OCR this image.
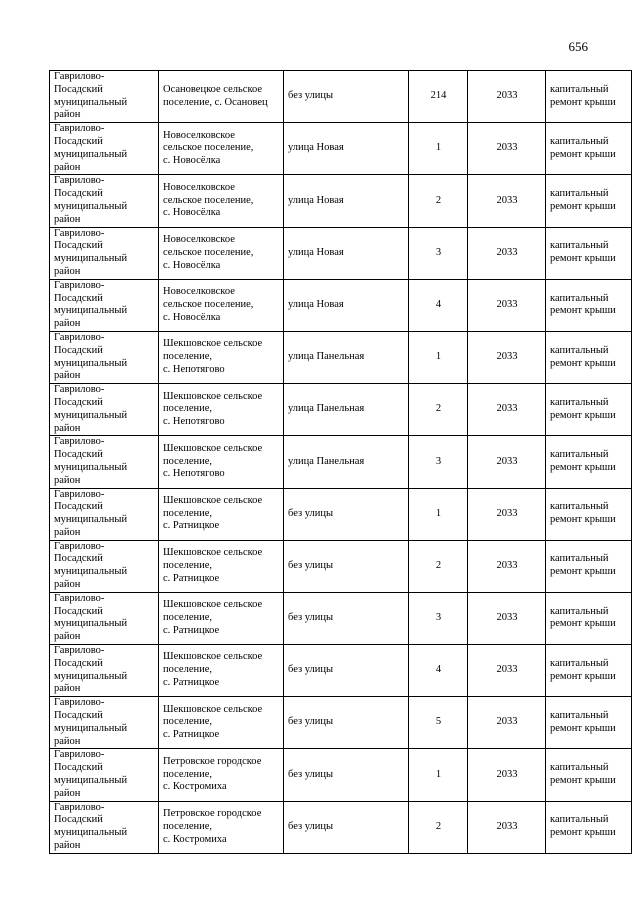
656
Гаврилово-
Посадский
муниципальный
район	Осановецкое сельское
поселение, с. Осановец	без улицы	214	2033	капитальный
ремонт крыши
Гаврилово-
Посадский
муниципальный
район	Новоселковское
сельское поселение,
с. Новосёлка	улица Новая	1	2033	капитальный
ремонт крыши
Гаврилово-
Посадский
муниципальный
район	Новоселковское
сельское поселение,
с. Новосёлка	улица Новая	2	2033	капитальный
ремонт крыши
Гаврилово-
Посадский
муниципальный
район	Новоселковское
сельское поселение,
с. Новосёлка	улица Новая	3	2033	капитальный
ремонт крыши
Гаврилово-
Посадский
муниципальный
район	Новоселковское
сельское поселение,
с. Новосёлка	улица Новая	4	2033	капитальный
ремонт крыши
Гаврилово-
Посадский
муниципальный
район	Шекшовское сельское
поселение,
с. Непотягово	улица Панельная	1	2033	капитальный
ремонт крыши
Гаврилово-
Посадский
муниципальный
район	Шекшовское сельское
поселение,
с. Непотягово	улица Панельная	2	2033	капитальный
ремонт крыши
Гаврилово-
Посадский
муниципальный
район	Шекшовское сельское
поселение,
с. Непотягово	улица Панельная	3	2033	капитальный
ремонт крыши
Гаврилово-
Посадский
муниципальный
район	Шекшовское сельское
поселение,
с. Ратницкое	без улицы	1	2033	капитальный
ремонт крыши
Гаврилово-
Посадский
муниципальный
район	Шекшовское сельское
поселение,
с. Ратницкое	без улицы	2	2033	капитальный
ремонт крыши
Гаврилово-
Посадский
муниципальный
район	Шекшовское сельское
поселение,
с. Ратницкое	без улицы	3	2033	капитальный
ремонт крыши
Гаврилово-
Посадский
муниципальный
район	Шекшовское сельское
поселение,
с. Ратницкое	без улицы	4	2033	капитальный
ремонт крыши
Гаврилово-
Посадский
муниципальный
район	Шекшовское сельское
поселение,
с. Ратницкое	без улицы	5	2033	капитальный
ремонт крыши
Гаврилово-
Посадский
муниципальный
район	Петровское городское
поселение,
с. Костромиха	без улицы	1	2033	капитальный
ремонт крыши
Гаврилово-
Посадский
муниципальный
район	Петровское городское
поселение,
с. Костромиха	без улицы	2	2033	капитальный
ремонт крыши
